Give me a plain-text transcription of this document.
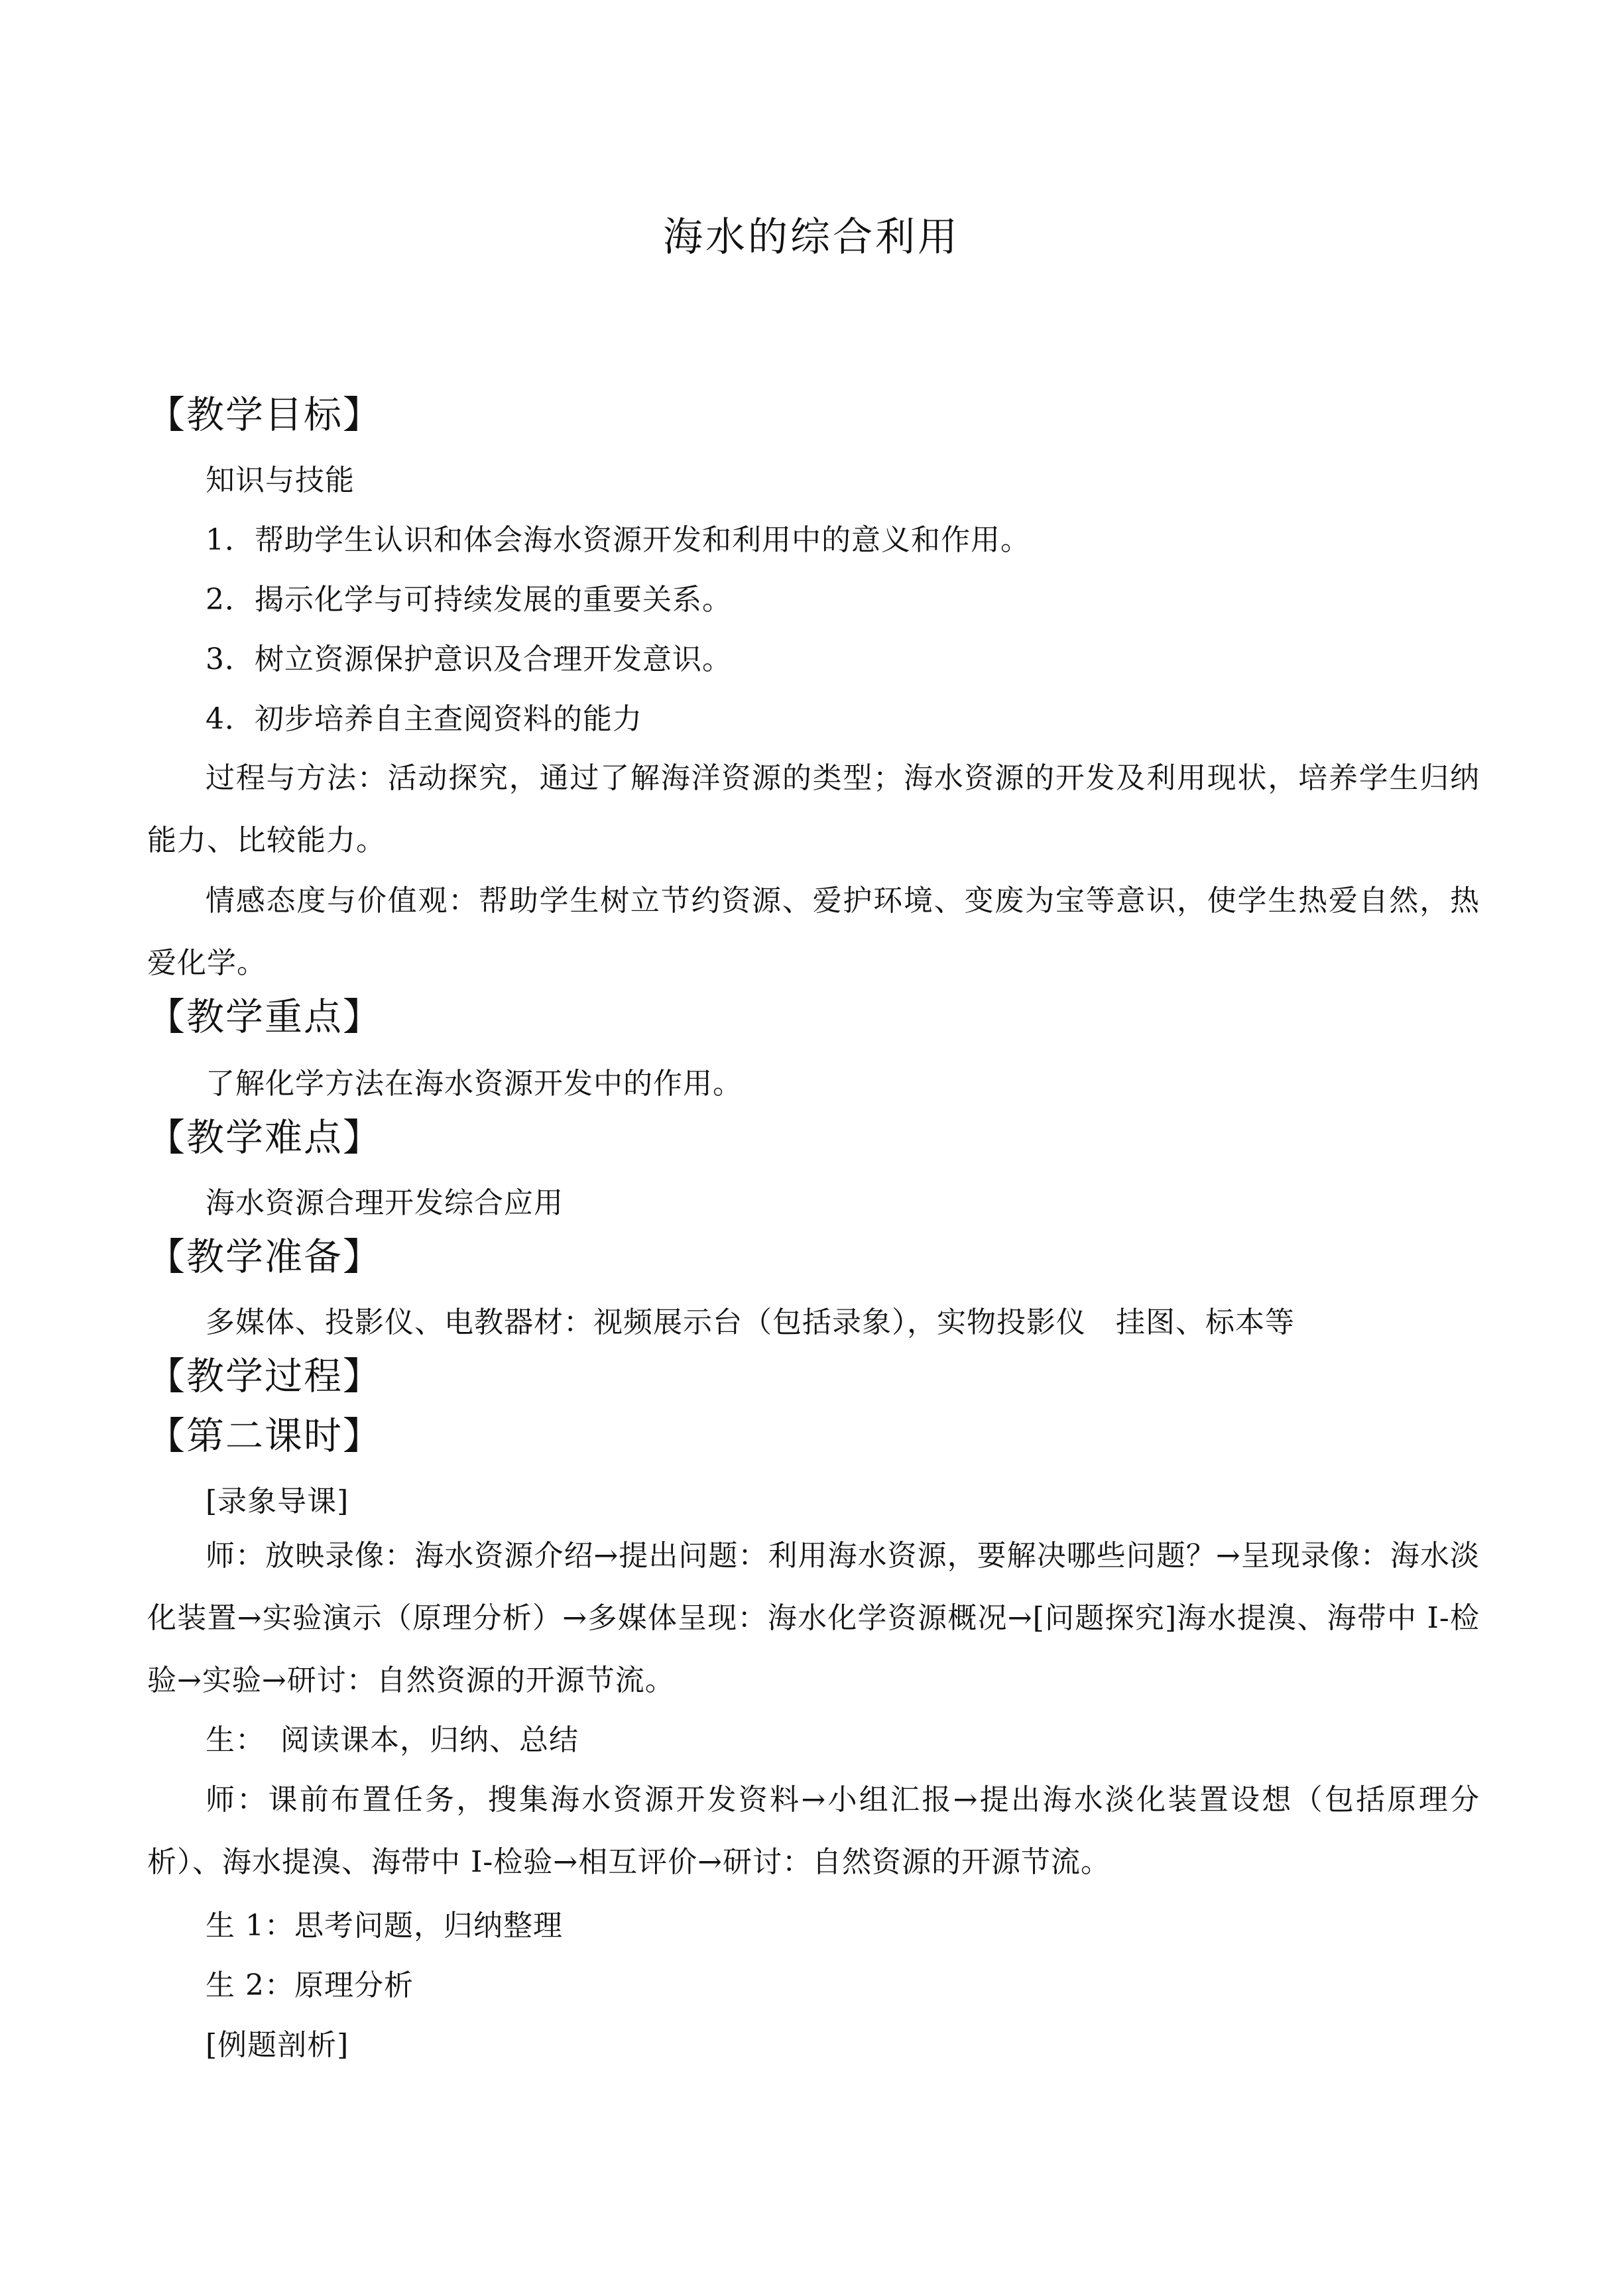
海水的综合利用
【教学目标】
知识与技能
1．帮助学生认识和体会海水资源开发和利用中的意义和作用。
2．揭示化学与可持续发展的重要关系。
3．树立资源保护意识及合理开发意识。
4．初步培养自主查阅资料的能力
过程与方法：活动探究，通过了解海洋资源的类型；海水资源的开发及利用现状，培养学生归纳能力、比较能力。
情感态度与价值观：帮助学生树立节约资源、爱护环境、变废为宝等意识，使学生热爱自然，热爱化学。
【教学重点】
了解化学方法在海水资源开发中的作用。
【教学难点】
海水资源合理开发综合应用
【教学准备】
多媒体、投影仪、电教器材：视频展示台（包括录象），实物投影仪　挂图、标本等
【教学过程】
【第二课时】
[录象导课]
师：放映录像：海水资源介绍→提出问题：利用海水资源，要解决哪些问题？→呈现录像：海水淡化装置→实验演示（原理分析）→多媒体呈现：海水化学资源概况→[问题探究]海水提溴、海带中 I-检验→实验→研讨：自然资源的开源节流。
生：　阅读课本，归纳、总结
师：课前布置任务，搜集海水资源开发资料→小组汇报→提出海水淡化装置设想（包括原理分析）、海水提溴、海带中 I-检验→相互评价→研讨：自然资源的开源节流。
生 1：思考问题，归纳整理
生 2：原理分析
[例题剖析]
